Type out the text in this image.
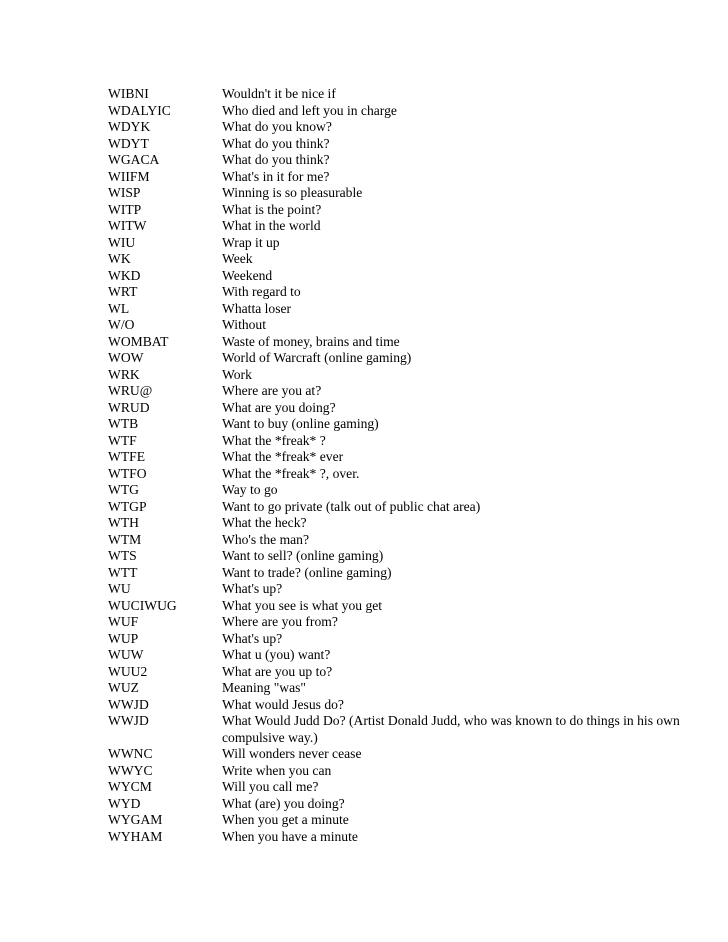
WIBNI	Wouldn't it be nice if
WDALYIC	Who died and left you in charge
WDYK	What do you know?
WDYT	What do you think?
WGACA	What do you think?
WIIFM	What's in it for me?
WISP	Winning is so pleasurable
WITP	What is the point?
WITW	What in the world
WIU	Wrap it up
WK	Week
WKD	Weekend
WRT	With regard to
WL	Whatta loser
W/O	Without
WOMBAT	Waste of money, brains and time
WOW	World of Warcraft (online gaming)
WRK	Work
WRU@	Where are you at?
WRUD	What are you doing?
WTB	Want to buy (online gaming)
WTF	What the *freak* ?
WTFE	What the *freak* ever
WTFO	What the *freak* ?, over.
WTG	Way to go
WTGP	Want to go private (talk out of public chat area)
WTH	What the heck?
WTM	Who's the man?
WTS	Want to sell? (online gaming)
WTT	Want to trade? (online gaming)
WU	What's up?
WUCIWUG	What you see is what you get
WUF	Where are you from?
WUP	What's up?
WUW	What u (you) want?
WUU2	What are you up to?
WUZ	Meaning "was"
WWJD	What would Jesus do?
WWJD	What Would Judd Do? (Artist Donald Judd, who was known to do things in his own compulsive way.)
WWNC	Will wonders never cease
WWYC	Write when you can
WYCM	Will you call me?
WYD	What (are) you doing?
WYGAM	When you get a minute
WYHAM	When you have a minute
